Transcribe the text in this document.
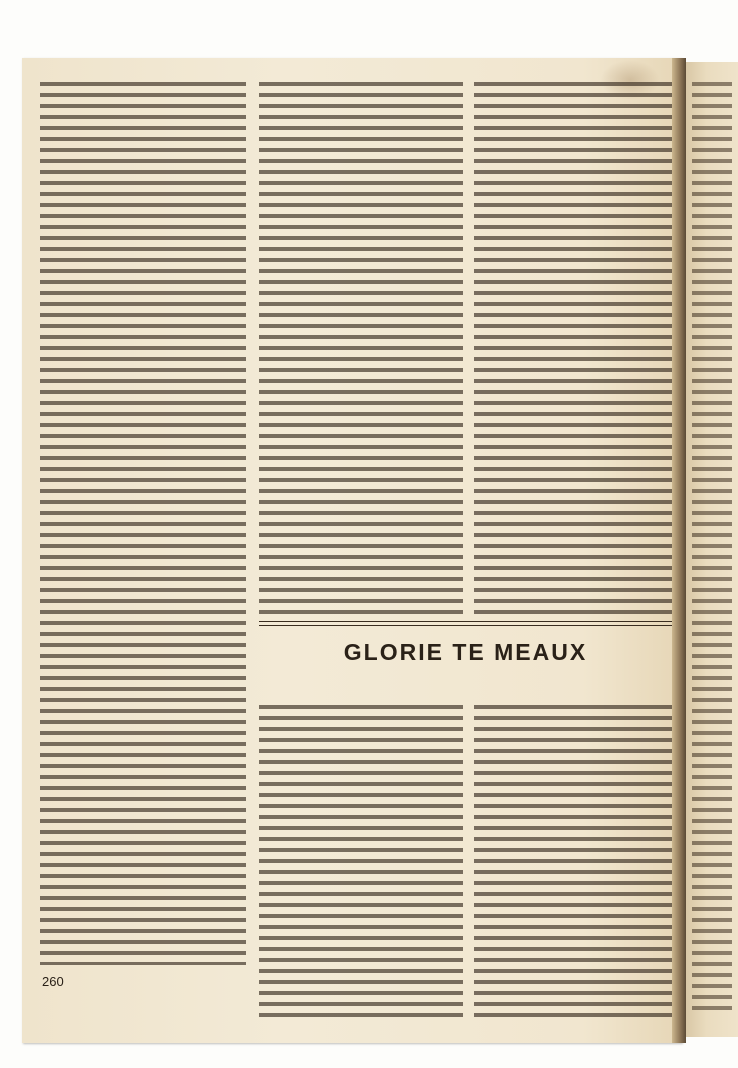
GLORIE TE MEAUX
260
